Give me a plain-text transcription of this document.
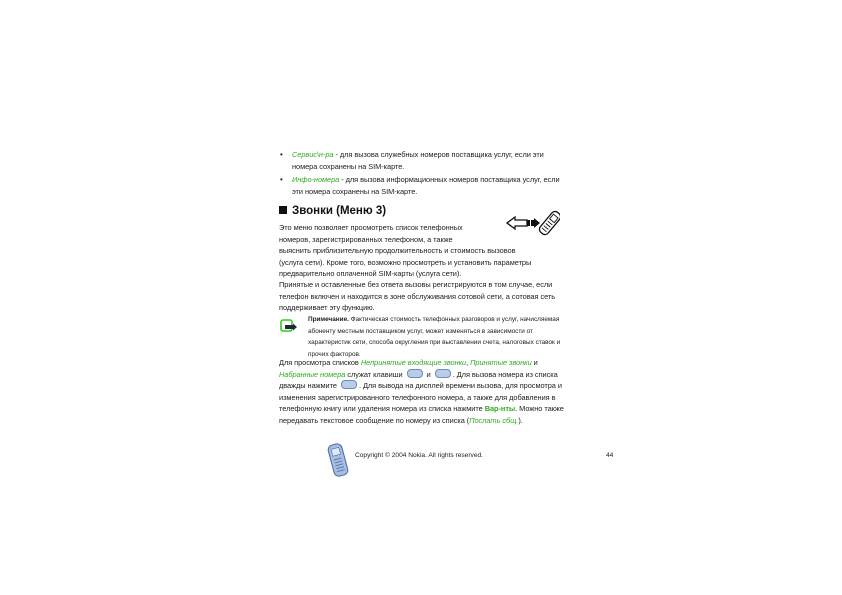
• Сервис\н-ра - для вызова служебных номеров поставщика услуг, если эти номера сохранены на SIM-карте.
• Инфо-номера - для вызова информационных номеров поставщика услуг, если эти номера сохранены на SIM-карте.
Звонки (Меню 3)
Это меню позволяет просмотреть список телефонных
номеров, зарегистрированных телефоном, а также
выяснить приблизительную продолжительность и стоимость вызовов
(услуга сети). Кроме того, возможно просмотреть и установить параметры
предварительно оплаченной SIM-карты (услуга сети).
Принятые и оставленные без ответа вызовы регистрируются в том случае, если телефон включен и находится в зоне обслуживания сотовой сети, а сотовая сеть поддерживает эту функцию.
Примечание. Фактическая стоимость телефонных разговоров и услуг, начисляемая абоненту местным поставщиком услуг, может изменяться в зависимости от характеристик сети, способа округления при выставлении счета, налоговых ставок и прочих факторов.
Для просмотра списков Непринятые входящие звонки, Принятые звонки и Набранные номера служат клавиши	и	. Для вызова номера из списка дважды нажмите	. Для вывода на дисплей времени вызова, для просмотра и изменения зарегистрированного телефонного номера, а также для добавления в телефонную книгу или удаления номера из списка нажмите Вар-нты. Можно также передавать текстовое сообщение по номеру из списка (Послать сбщ.).
Copyright © 2004 Nokia. All rights reserved.	44
